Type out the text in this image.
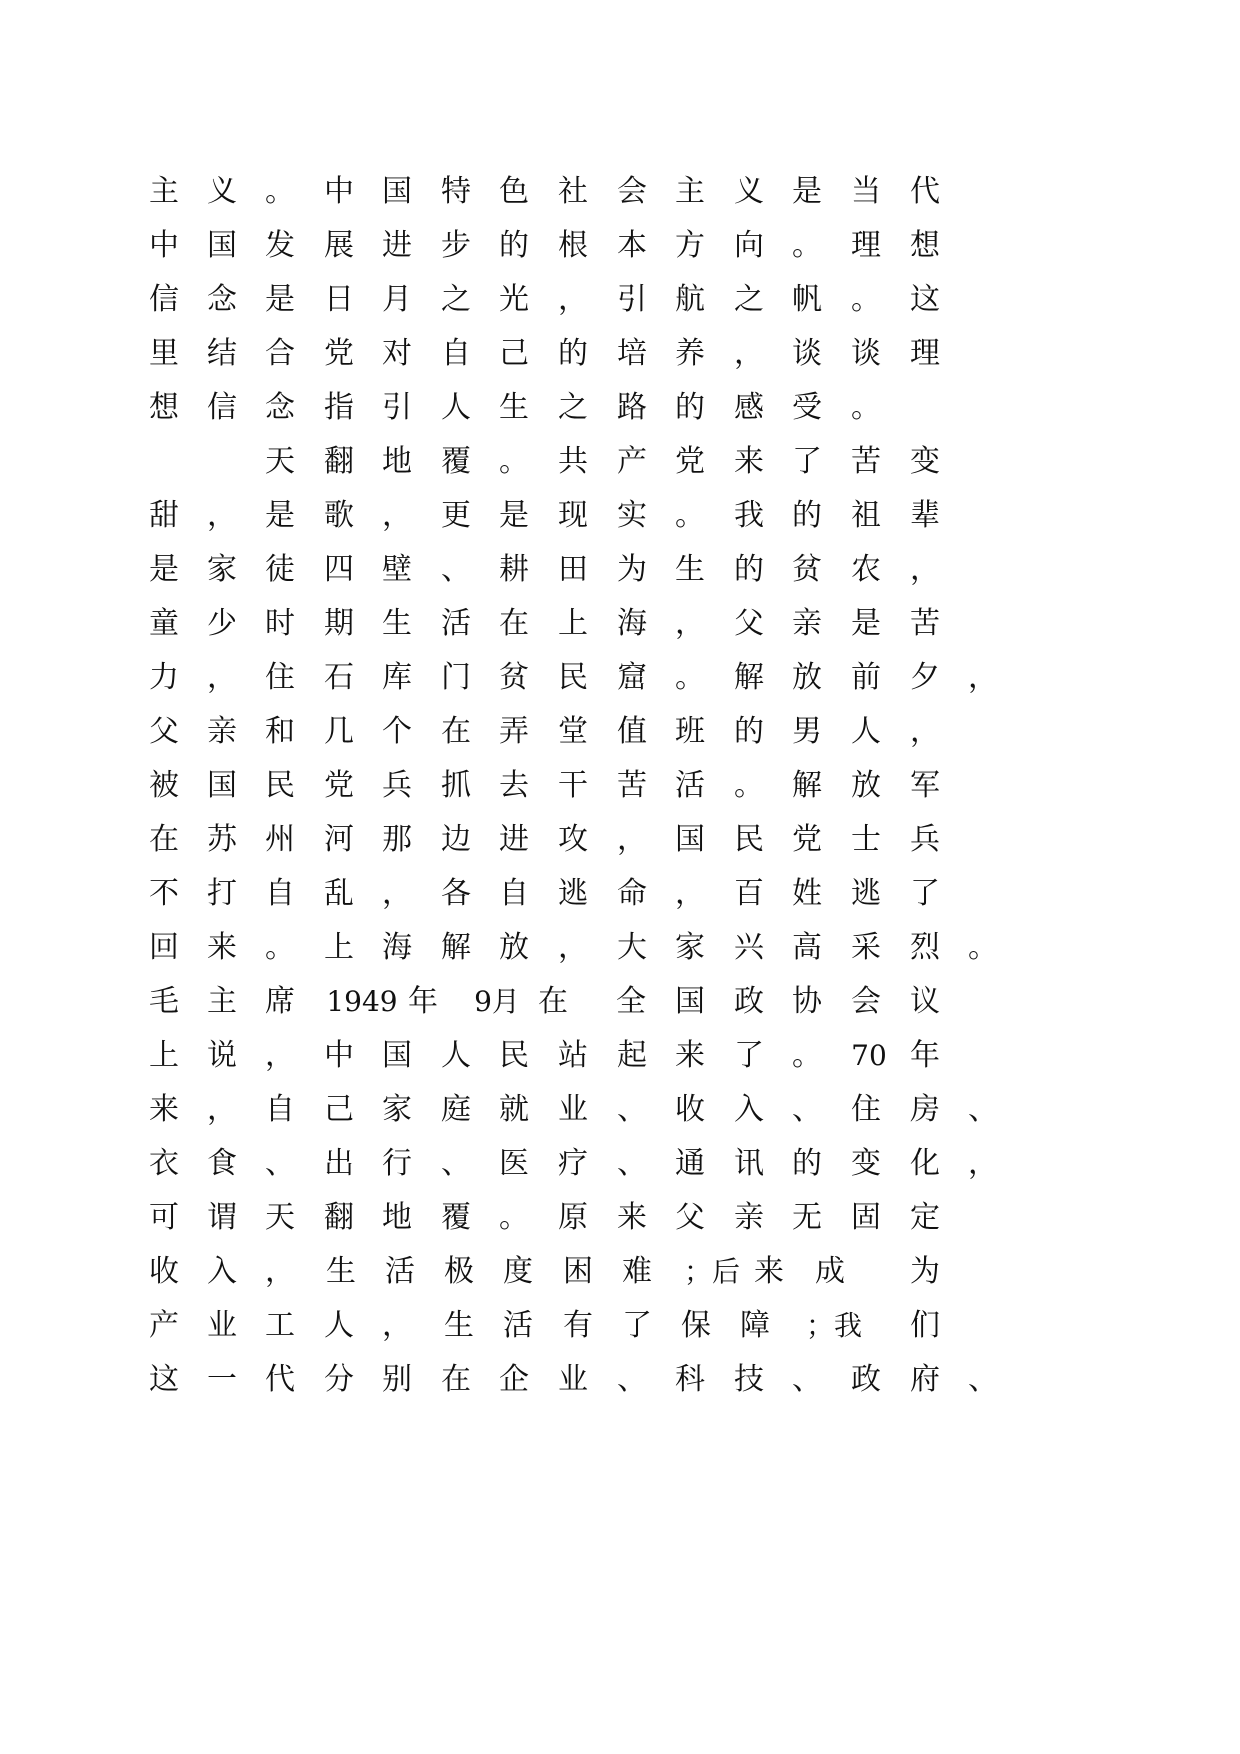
主 义 。 中 国 特 色 社 会 主 义 是 当 代
中 国 发 展 进 步 的 根 本 方 向 。 理 想
信 念 是 日 月 之 光 ， 引 航 之 帆 。 这
里 结 合 党 对 自 己 的 培 养 ， 谈 谈 理
想 信 念 指 引 人 生 之 路 的 感 受 。
天 翻 地 覆 。 共 产 党 来 了 苦 变
甜 ， 是 歌 ， 更 是 现 实 。 我 的 祖 辈
是 家 徒 四 壁 、 耕 田 为 生 的 贫 农 ，
童 少 时 期 生 活 在 上 海 ， 父 亲 是 苦
力 ， 住 石 库 门 贫 民 窟 。 解 放 前 夕 ，
父 亲 和 几 个 在 弄 堂 值 班 的 男 人 ，
被 国 民 党 兵 抓 去 干 苦 活 。 解 放 军
在 苏 州 河 那 边 进 攻 ， 国 民 党 士 兵
不 打 自 乱 ， 各 自 逃 命 ， 百 姓 逃 了
回 来 。 上 海 解 放 ， 大 家 兴 高 采 烈 。
毛 主 席 1949 年	9月 在 全 国 政 协 会 议
上 说 ， 中 国 人 民 站 起 来 了 。 70 年
来 ， 自 己 家 庭 就 业 、 收 入 、 住 房 、
衣 食 、 出 行 、 医 疗 、 通 讯 的 变 化 ，
可 谓 天 翻 地 覆 。 原 来 父 亲 无 固 定
收 入 ， 生 活 极 度 困 难 ；后 来 成 为
产 业 工 人 ， 生 活 有 了 保 障 ；我 们
这 一 代 分 别 在 企 业 、 科 技 、 政 府 、
